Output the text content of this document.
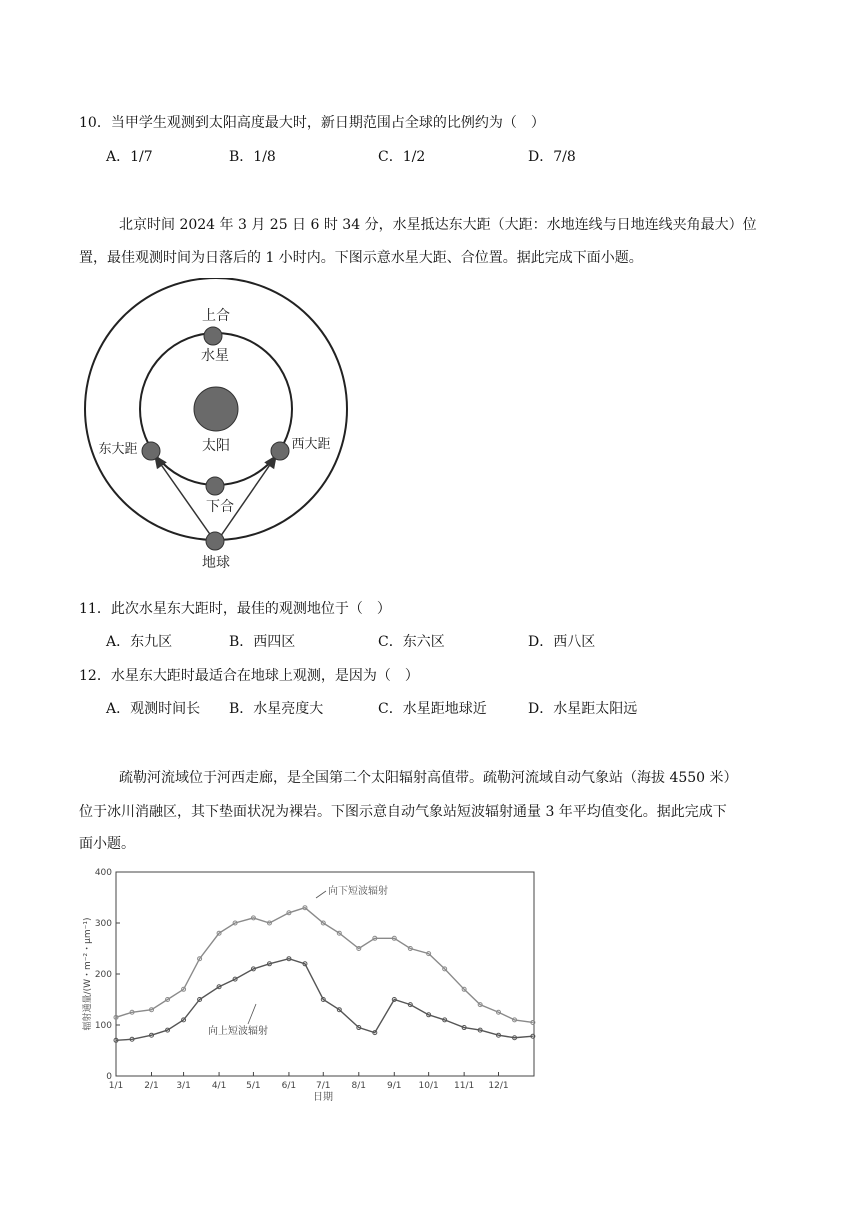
10．当甲学生观测到太阳高度最大时，新日期范围占全球的比例约为（　）
A．1/7	B．1/8	C．1/2	D．7/8
北京时间 2024 年 3 月 25 日 6 时 34 分，水星抵达东大距（大距：水地连线与日地连线夹角最大）位
置，最佳观测时间为日落后的 1 小时内。下图示意水星大距、合位置。据此完成下面小题。
上合
水星
太阳
东大距	西大距
下合
地球
11．此次水星东大距时，最佳的观测地位于（　）
A．东九区	B．西四区	C．东六区	D．西八区
12．水星东大距时最适合在地球上观测，是因为（　）
A．观测时间长 B．水星亮度大	C．水星距地球近	D．水星距太阳远
疏勒河流域位于河西走廊，是全国第二个太阳辐射高值带。疏勒河流域自动气象站（海拔 4550 米）
位于冰川消融区，其下垫面状况为裸岩。下图示意自动气象站短波辐射通量 3 年平均值变化。据此完成下
面小题。
0
100
200
300
400
1/1 2/1 3/1 4/1 5/1 6/1 7/1 8/1 9/1 10/1 11/1 12/1
向下短波辐射
向上短波辐射
日期
辐射通量/(W・m⁻²・μm⁻¹)
